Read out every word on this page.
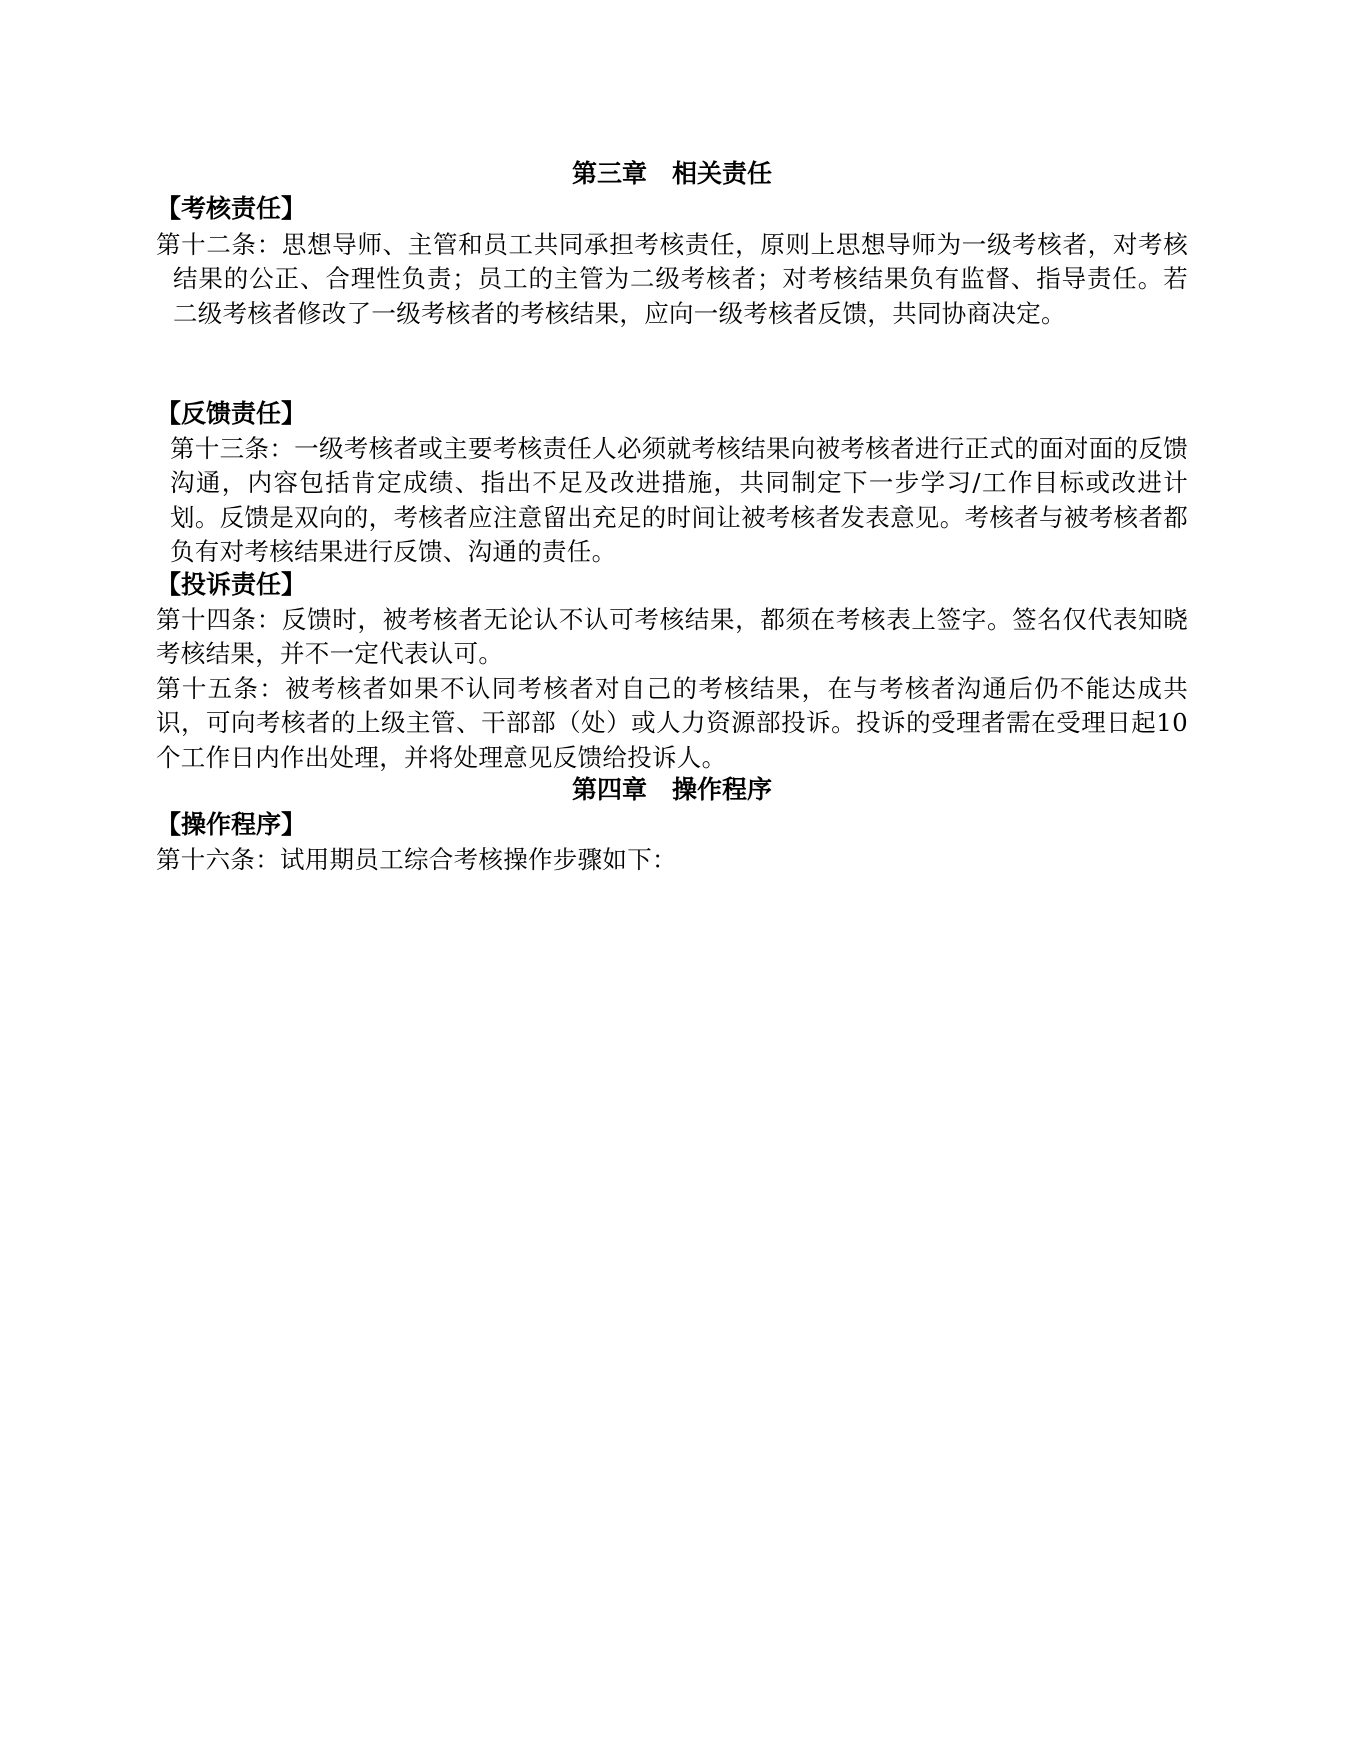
第三章　相关责任
【考核责任】
第十二条：思想导师、主管和员工共同承担考核责任，原则上思想导师为一级考核者，对考核结果的公正、合理性负责；员工的主管为二级考核者；对考核结果负有监督、指导责任。若二级考核者修改了一级考核者的考核结果，应向一级考核者反馈，共同协商决定。
【反馈责任】
第十三条：一级考核者或主要考核责任人必须就考核结果向被考核者进行正式的面对面的反馈沟通，内容包括肯定成绩、指出不足及改进措施，共同制定下一步学习/工作目标或改进计划。反馈是双向的，考核者应注意留出充足的时间让被考核者发表意见。考核者与被考核者都负有对考核结果进行反馈、沟通的责任。
【投诉责任】
第十四条：反馈时，被考核者无论认不认可考核结果，都须在考核表上签字。签名仅代表知晓考核结果，并不一定代表认可。
第十五条：被考核者如果不认同考核者对自己的考核结果，在与考核者沟通后仍不能达成共识，可向考核者的上级主管、干部部（处）或人力资源部投诉。投诉的受理者需在受理日起10个工作日内作出处理，并将处理意见反馈给投诉人。
第四章　操作程序
【操作程序】
第十六条：试用期员工综合考核操作步骤如下：
